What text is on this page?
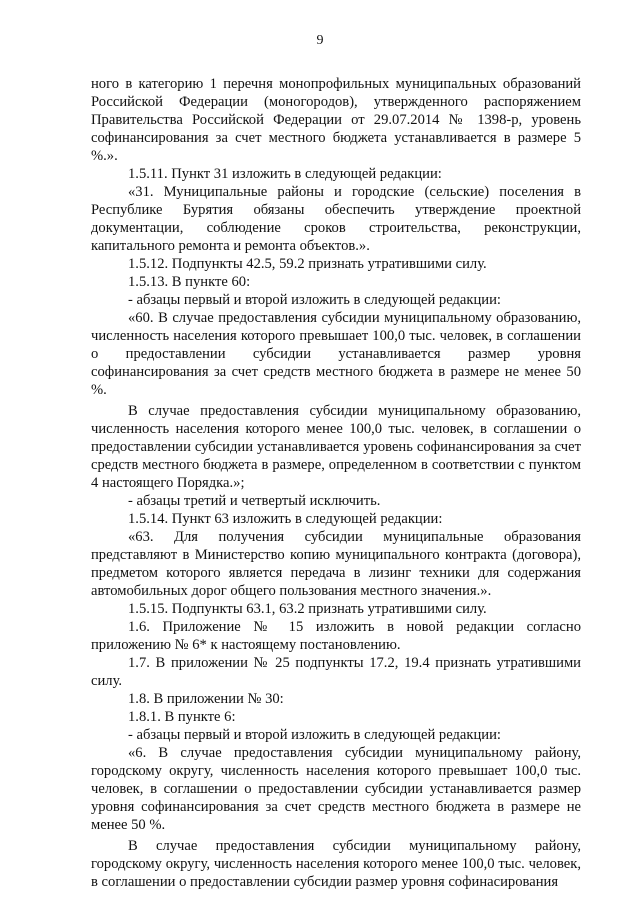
9

ного в категорию 1 перечня монопрофильных муниципальных образований Российской Федерации (моногородов), утвержденного распоряжением Правительства Российской Федерации от 29.07.2014 № 1398-р, уровень софинансирования за счет местного бюджета устанавливается в размере 5 %.».

1.5.11. Пункт 31 изложить в следующей редакции:

«31. Муниципальные районы и городские (сельские) поселения в Республике Бурятия обязаны обеспечить утверждение проектной документации, соблюдение сроков строительства, реконструкции, капитального ремонта и ремонта объектов.».

1.5.12. Подпункты 42.5, 59.2 признать утратившими силу.

1.5.13. В пункте 60:

- абзацы первый и второй изложить в следующей редакции:

«60. В случае предоставления субсидии муниципальному образованию, численность населения которого превышает 100,0 тыс. человек, в соглашении о предоставлении субсидии устанавливается размер уровня софинансирования за счет средств местного бюджета в размере не менее 50 %.

В случае предоставления субсидии муниципальному образованию, численность населения которого менее 100,0 тыс. человек, в соглашении о предоставлении субсидии устанавливается уровень софинансирования за счет средств местного бюджета в размере, определенном в соответствии с пунктом 4 настоящего Порядка.»;

- абзацы третий и четвертый исключить.

1.5.14. Пункт 63 изложить в следующей редакции:

«63. Для получения субсидии муниципальные образования представляют в Министерство копию муниципального контракта (договора), предметом которого является передача в лизинг техники для содержания автомобильных дорог общего пользования местного значения.».

1.5.15. Подпункты 63.1, 63.2 признать утратившими силу.

1.6. Приложение № 15 изложить в новой редакции согласно приложению № 6* к настоящему постановлению.

1.7. В приложении № 25 подпункты 17.2, 19.4 признать утратившими силу.

1.8. В приложении № 30:

1.8.1. В пункте 6:

- абзацы первый и второй изложить в следующей редакции:

«6. В случае предоставления субсидии муниципальному району, городскому округу, численность населения которого превышает 100,0 тыс. человек, в соглашении о предоставлении субсидии устанавливается размер уровня софинансирования за счет средств местного бюджета в размере не менее 50 %.

В случае предоставления субсидии муниципальному району, городскому округу, численность населения которого менее 100,0 тыс. человек, в соглашении о предоставлении субсидии размер уровня софинасирования
